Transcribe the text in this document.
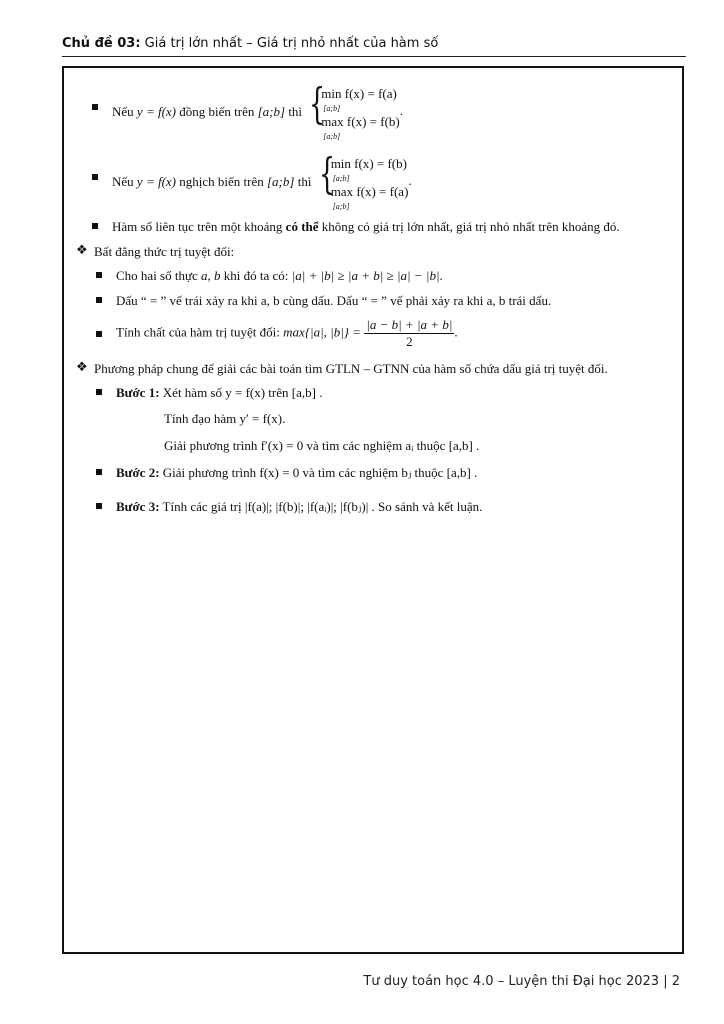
Chủ đề 03: Giá trị lớn nhất – Giá trị nhỏ nhất của hàm số
Nếu y = f(x) đồng biến trên [a;b] thì {
min f(x) = f(a)
[a;b]
max f(x) = f(b)
[a;b]
.
Nếu y = f(x) nghịch biến trên [a;b] thì {
min f(x) = f(b)
[a;b]
max f(x) = f(a)
[a;b]
.
Hàm số liên tục trên một khoảng có thể không có giá trị lớn nhất, giá trị nhỏ nhất trên khoảng đó.
❖ Bất đẳng thức trị tuyệt đối:
Cho hai số thực a, b khi đó ta có: |a| + |b| ≥ |a + b| ≥ |a| − |b|.
Dấu “ = ” vế trái xảy ra khi a, b cùng dấu. Dấu “ = ” vế phải xảy ra khi a, b trái dấu.
Tính chất của hàm trị tuyệt đối: max{|a|, $|b|\} = \frac{|a - b| + |a + b|}{2}$ .
❖ Phương pháp chung để giải các bài toán tìm GTLN – GTNN của hàm số chứa dấu giá trị tuyệt đối.
Bước 1: Xét hàm số y = f(x) trên [a,b] .
Tính đạo hàm y′ = f(x).
Giải phương trình f′(x) = 0 và tìm các nghiệm aᵢ thuộc [a,b] .
Bước 2: Giải phương trình f(x) = 0 và tìm các nghiệm bⱼ thuộc [a,b] .
Bước 3: Tính các giá trị |f(a)|; |f(b)|; |f(aᵢ)|; |f(bⱼ)| . So sánh và kết luận.
Tư duy toán học 4.0 – Luyện thi Đại học 2023 | 2
